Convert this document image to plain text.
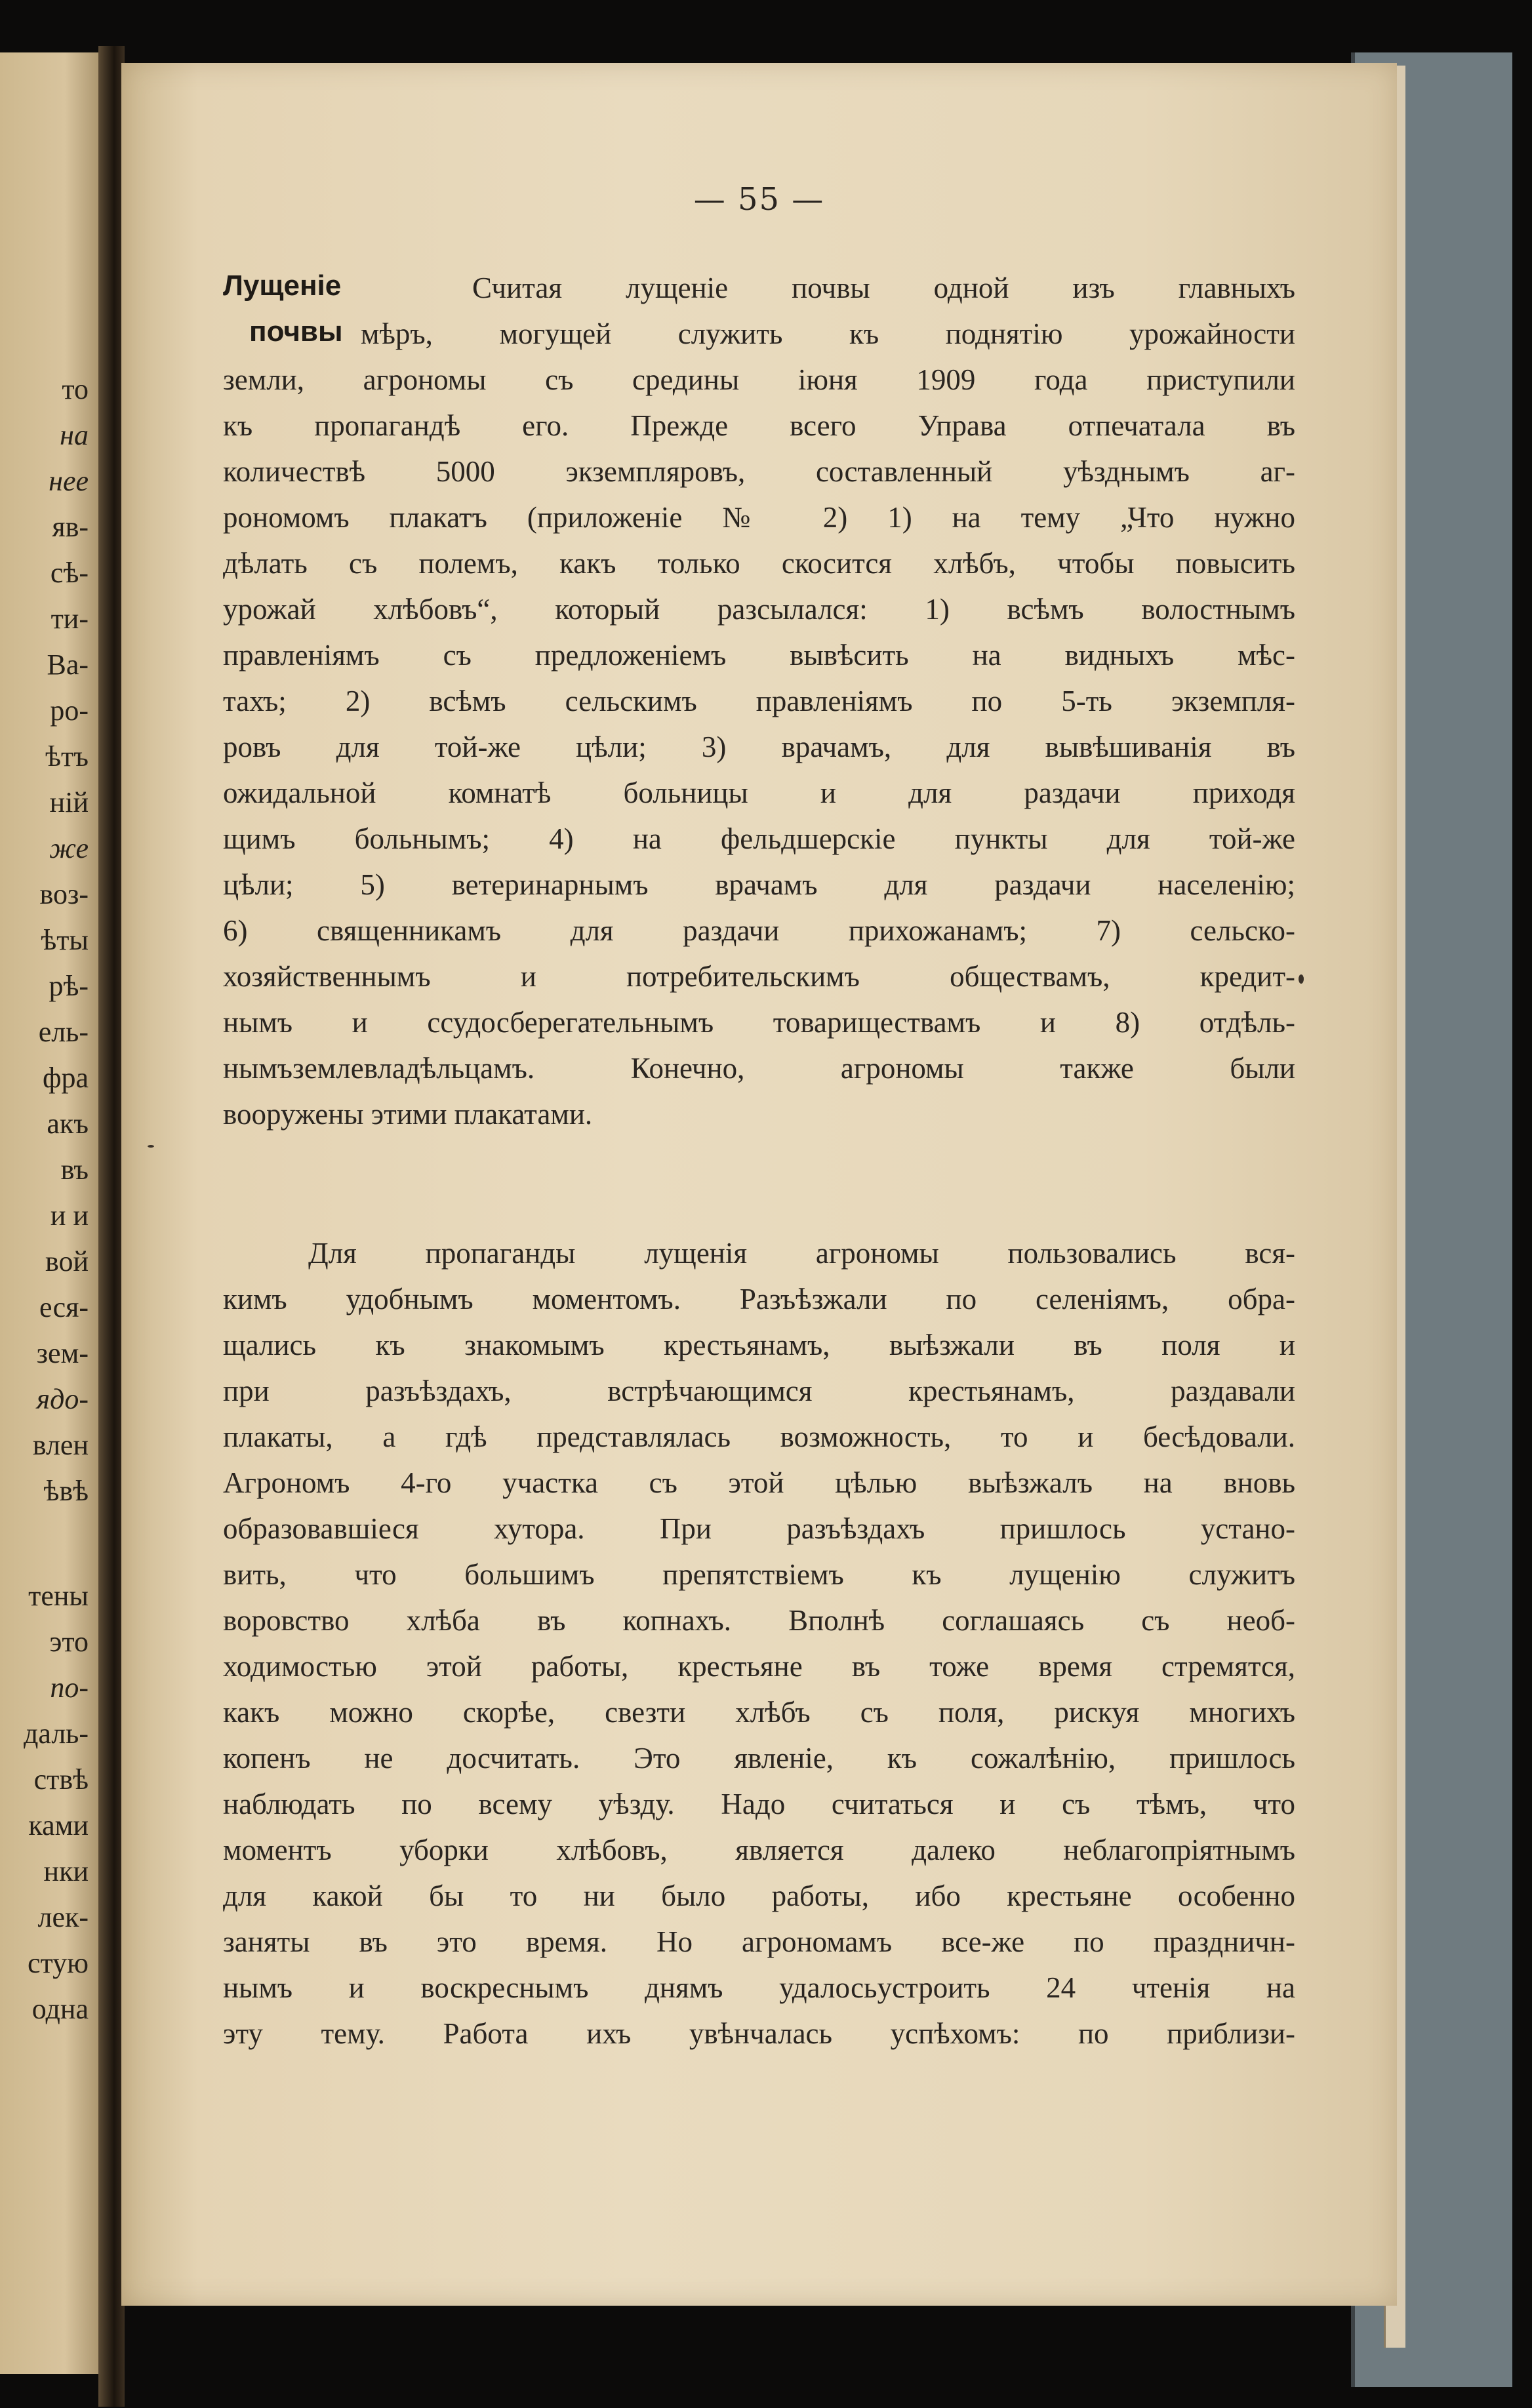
то
на
нее
яв-
сѣ-
ти-
Ва-
ро-
ѣтъ
ній
же
воз-
ѣты
рѣ-
ель-
фра
акъ
въ
и и
вой
еся-
зем-
ядо-
влен
ѣвѣ
тены
это
по-
даль-
ствѣ
ками
нки
лек-
стую
одна
— 55 —
Лущеніе
почвы
Считая лущеніе почвы одной изъ главныхъ
мѣръ, могущей служить къ поднятію урожайности
земли, агрономы съ средины іюня 1909 года приступили
къ пропагандѣ его. Прежде всего Управа отпечатала въ
количествѣ 5000 экземпляровъ, составленный уѣзднымъ аг-
рономомъ плакатъ (приложеніе № 2) 1) на тему „Что нужно
дѣлать съ полемъ, какъ только скосится хлѣбъ, чтобы повысить
урожай хлѣбовъ“, который разсылался: 1) всѣмъ волостнымъ
правленіямъ съ предложеніемъ вывѣсить на видныхъ мѣс-
тахъ; 2) всѣмъ сельскимъ правленіямъ по 5-ть экземпля-
ровъ для той-же цѣли; 3) врачамъ, для вывѣшиванія въ
ожидальной комнатѣ больницы и для раздачи приходя
щимъ больнымъ; 4) на фельдшерскіе пункты для той-же
цѣли; 5) ветеринарнымъ врачамъ для раздачи населенію;
6) священникамъ для раздачи прихожанамъ; 7) сельско-
хозяйственнымъ и потребительскимъ обществамъ, кредит-
нымъ и ссудосберегательнымъ товариществамъ и 8) отдѣль-
нымъземлевладѣльцамъ. Конечно, агрономы также были
вооружены этими плакатами.
Для пропаганды лущенія агрономы пользовались вся-
кимъ удобнымъ моментомъ. Разъѣзжали по селеніямъ, обра-
щались къ знакомымъ крестьянамъ, выѣзжали въ поля и
при разъѣздахъ, встрѣчающимся крестьянамъ, раздавали
плакаты, а гдѣ представлялась возможность, то и бесѣдовали.
Агрономъ 4-го участка съ этой цѣлью выѣзжалъ на вновь
образовавшіеся хутора. При разъѣздахъ пришлось устано-
вить, что большимъ препятствіемъ къ лущенію служитъ
воровство хлѣба въ копнахъ. Вполнѣ соглашаясь съ необ-
ходимостью этой работы, крестьяне въ тоже время стремятся,
какъ можно скорѣе, свезти хлѣбъ съ поля, рискуя многихъ
копенъ не досчитать. Это явленіе, къ сожалѣнію, пришлось
наблюдать по всему уѣзду. Надо считаться и съ тѣмъ, что
моментъ уборки хлѣбовъ, является далеко неблагопріятнымъ
для какой бы то ни было работы, ибо крестьяне особенно
заняты въ это время. Но агрономамъ все-же по праздничн-
нымъ и воскреснымъ днямъ удалосьустроить 24 чтенія на
эту тему. Работа ихъ увѣнчалась успѣхомъ: по приблизи-
